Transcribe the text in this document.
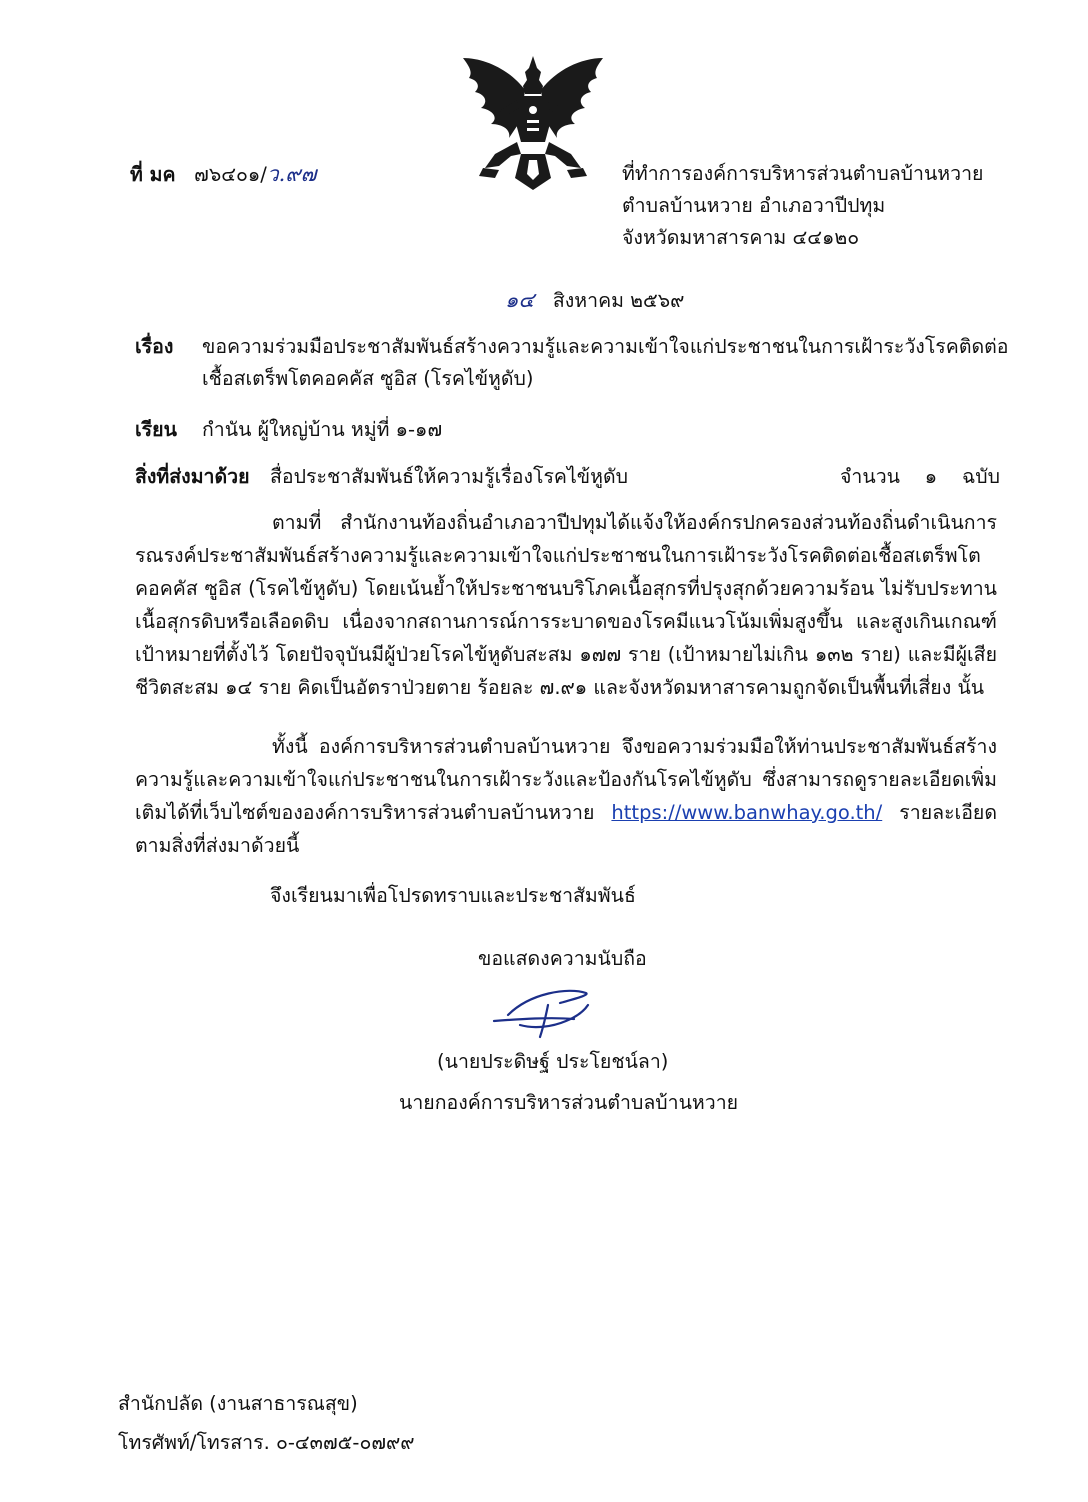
ที่ มค ๗๖๔๐๑/ว.๙๗	ที่ทำการองค์การบริหารส่วนตำบลบ้านหวาย
ตำบลบ้านหวาย อำเภอวาปีปทุม
จังหวัดมหาสารคาม ๔๔๑๒๐
๑๔ สิงหาคม ๒๕๖๙
เรื่อง ขอความร่วมมือประชาสัมพันธ์สร้างความรู้และความเข้าใจแก่ประชาชนในการเฝ้าระวังโรคติดต่อ
เชื้อสเตร็พโตคอคคัส ซูอิส (โรคไข้หูดับ)
เรียน กำนัน ผู้ใหญ่บ้าน หมู่ที่ ๑-๑๗
สิ่งที่ส่งมาด้วย สื่อประชาสัมพันธ์ให้ความรู้เรื่องโรคไข้หูดับ	จำนวน ๑ ฉบับ
ตามที่ สำนักงานท้องถิ่นอำเภอวาปีปทุมได้แจ้งให้องค์กรปกครองส่วนท้องถิ่นดำเนินการรณรงค์ประชาสัมพันธ์สร้างความรู้และความเข้าใจแก่ประชาชนในการเฝ้าระวังโรคติดต่อเชื้อสเตร็พโตคอคคัส ซูอิส (โรคไข้หูดับ) โดยเน้นย้ำให้ประชาชนบริโภคเนื้อสุกรที่ปรุงสุกด้วยความร้อน ไม่รับประทานเนื้อสุกรดิบหรือเลือดดิบ เนื่องจากสถานการณ์การระบาดของโรคมีแนวโน้มเพิ่มสูงขึ้น และสูงเกินเกณฑ์เป้าหมายที่ตั้งไว้ โดยปัจจุบันมีผู้ป่วยโรคไข้หูดับสะสม ๑๗๗ ราย (เป้าหมายไม่เกิน ๑๓๒ ราย) และมีผู้เสียชีวิตสะสม ๑๔ ราย คิดเป็นอัตราป่วยตาย ร้อยละ ๗.๙๑ และจังหวัดมหาสารคามถูกจัดเป็นพื้นที่เสี่ยง นั้น
ทั้งนี้ องค์การบริหารส่วนตำบลบ้านหวาย จึงขอความร่วมมือให้ท่านประชาสัมพันธ์สร้างความรู้และความเข้าใจแก่ประชาชนในการเฝ้าระวังและป้องกันโรคไข้หูดับ ซึ่งสามารถดูรายละเอียดเพิ่มเติมได้ที่เว็บไซต์ขององค์การบริหารส่วนตำบลบ้านหวาย https://www.banwhay.go.th/ รายละเอียดตามสิ่งที่ส่งมาด้วยนี้
จึงเรียนมาเพื่อโปรดทราบและประชาสัมพันธ์
ขอแสดงความนับถือ
(นายประดิษฐ์ ประโยชน์ลา)
นายกองค์การบริหารส่วนตำบลบ้านหวาย
สำนักปลัด (งานสาธารณสุข)
โทรศัพท์/โทรสาร. ๐-๔๓๗๕-๐๗๙๙
